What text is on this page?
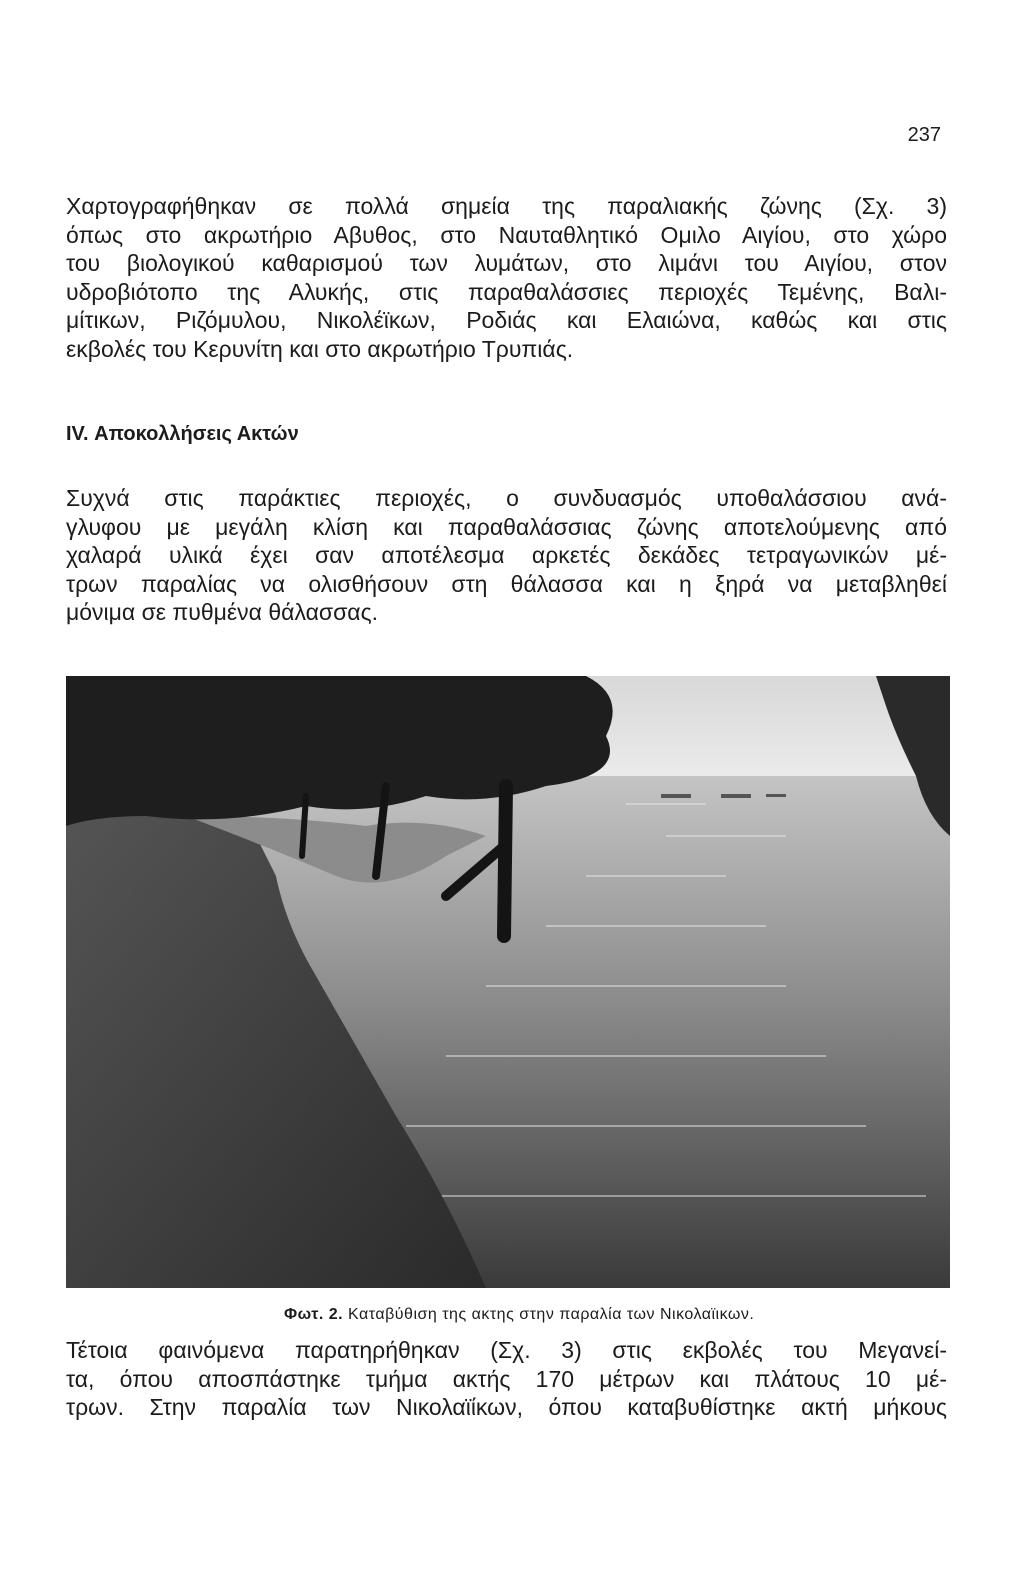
237
Χαρτογραφήθηκαν σε πολλά σημεία της παραλιακής ζώνης (Σχ. 3)
όπως στο ακρωτήριο Αβυθος, στο Ναυταθλητικό Ομιλο Αιγίου, στο χώρο
του βιολογικού καθαρισμού των λυμάτων, στο λιμάνι του Αιγίου, στον
υδροβιότοπο της Αλυκής, στις παραθαλάσσιες περιοχές Τεμένης, Βαλι-
μίτικων, Ριζόμυλου, Νικολέϊκων, Ροδιάς και Ελαιώνα, καθώς και στις
εκβολές του Κερυνίτη και στο ακρωτήριο Τρυπιάς.
IV. Αποκολλήσεις Ακτών
Συχνά στις παράκτιες περιοχές, ο συνδυασμός υποθαλάσσιου ανά-
γλυφου με μεγάλη κλίση και παραθαλάσσιας ζώνης αποτελούμενης από
χαλαρά υλικά έχει σαν αποτέλεσμα αρκετές δεκάδες τετραγωνικών μέ-
τρων παραλίας να ολισθήσουν στη θάλασσα και η ξηρά να μεταβληθεί
μόνιμα σε πυθμένα θάλασσας.
Φωτ. 2. Καταβύθιση της ακτης στην παραλία των Νικολαϊικων.
Τέτοια φαινόμενα παρατηρήθηκαν (Σχ. 3) στις εκβολές του Μεγανεί-
τα, όπου αποσπάστηκε τμήμα ακτής 170 μέτρων και πλάτους 10 μέ-
τρων. Στην παραλία των Νικολαϊίκων, όπου καταβυθίστηκε ακτή μήκους
